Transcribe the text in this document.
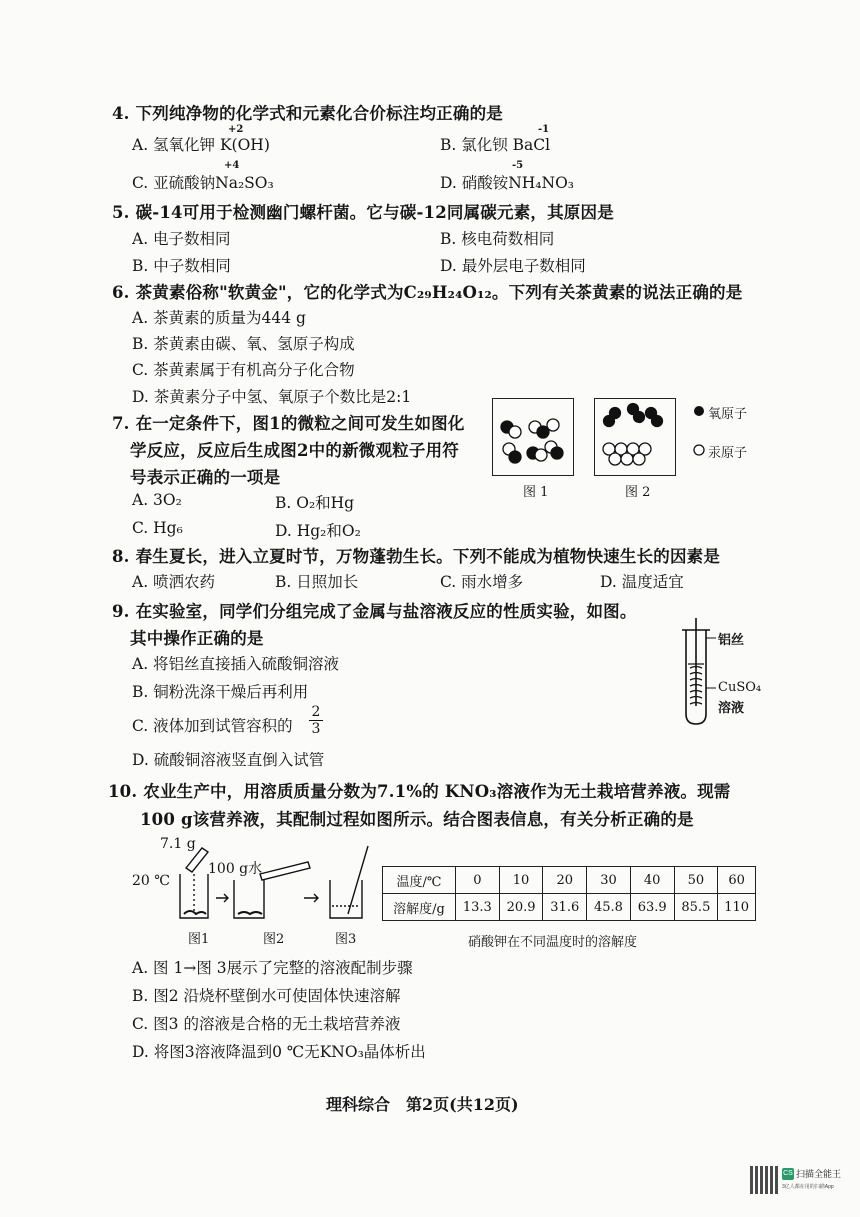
4. 下列纯净物的化学式和元素化合价标注均正确的是
A. 氢氧化钾 K(OH)
+2
B. 氯化钡 BaCl
-1
C. 亚硫酸钠Na₂SO₃
+4
D. 硝酸铵NH₄NO₃
-5
5. 碳-14可用于检测幽门螺杆菌。它与碳-12同属碳元素，其原因是
A. 电子数相同	B. 核电荷数相同
B. 中子数相同	D. 最外层电子数相同
6. 茶黄素俗称"软黄金"，它的化学式为C₂₉H₂₄O₁₂。下列有关茶黄素的说法正确的是
A. 茶黄素的质量为444 g
B. 茶黄素由碳、氧、氢原子构成
C. 茶黄素属于有机高分子化合物
D. 茶黄素分子中氢、氧原子个数比是2:1
7. 在一定条件下，图1的微粒之间可发生如图化
学反应，反应后生成图2中的新微观粒子用符
号表示正确的一项是
A. 3O₂	B. O₂和Hg
C. Hg₆	D. Hg₂和O₂
图 1	图 2
氧原子
汞原子
8. 春生夏长，进入立夏时节，万物蓬勃生长。下列不能成为植物快速生长的因素是
A. 喷洒农药	B. 日照加长	C. 雨水增多	D. 温度适宜
9. 在实验室，同学们分组完成了金属与盐溶液反应的性质实验，如图。
其中操作正确的是
A. 将铝丝直接插入硫酸铜溶液
B. 铜粉洗涤干燥后再利用
C. 液体加到试管容积的 $\frac{2}{3}$
D. 硫酸铜溶液竖直倒入试管
铝丝
CuSO₄
溶液
10. 农业生产中，用溶质质量分数为7.1%的 KNO₃溶液作为无土栽培营养液。现需
100 g该营养液，其配制过程如图所示。结合图表信息，有关分析正确的是
7.1 g
100 g水
20 ℃
图1	图2	图3
温度/℃	0	10	20	30	40	50	60
溶解度/g	13.3	20.9	31.6	45.8	63.9	85.5	110
硝酸钾在不同温度时的溶解度
A. 图 1→图 3展示了完整的溶液配制步骤
B. 图2 沿烧杯壁倒水可使固体快速溶解
C. 图3 的溶液是合格的无土栽培营养液
D. 将图3溶液降温到0 ℃无KNO₃晶体析出
理科综合　第2页(共12页)
CS 扫描全能王
3亿人都在用的扫描App
